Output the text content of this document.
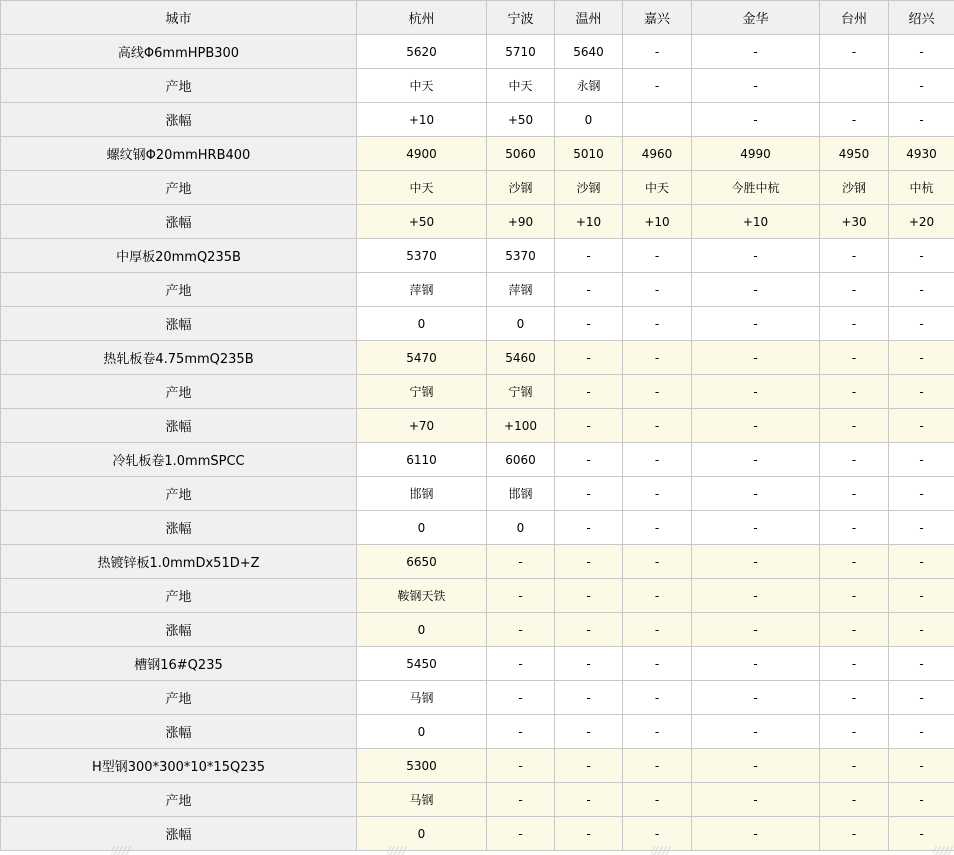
城市	杭州	宁波	温州	嘉兴	金华	台州	绍兴
高线Φ6mmHPB300	5620	5710	5640	-	-	-	-
产地	中天	中天	永钢	-	-		-
涨幅	+10	+50	0		-	-	-
螺纹钢Φ20mmHRB400	4900	5060	5010	4960	4990	4950	4930
产地	中天	沙钢	沙钢	中天	今胜中杭	沙钢	中杭
涨幅	+50	+90	+10	+10	+10	+30	+20
中厚板20mmQ235B	5370	5370	-	-	-	-	-
产地	萍钢	萍钢	-	-	-	-	-
涨幅	0	0	-	-	-	-	-
热轧板卷4.75mmQ235B	5470	5460	-	-	-	-	-
产地	宁钢	宁钢	-	-	-	-	-
涨幅	+70	+100	-	-	-	-	-
冷轧板卷1.0mmSPCC	6110	6060	-	-	-	-	-
产地	邯钢	邯钢	-	-	-	-	-
涨幅	0	0	-	-	-	-	-
热镀锌板1.0mmDx51D+Z	6650	-	-	-	-	-	-
产地	鞍钢天铁	-	-	-	-	-	-
涨幅	0	-	-	-	-	-	-
槽钢16#Q235	5450	-	-	-	-	-	-
产地	马钢	-	-	-	-	-	-
涨幅	0	-	-	-	-	-	-
H型钢300*300*10*15Q235	5300	-	-	-	-	-	-
产地	马钢	-	-	-	-	-	-
涨幅	0	-	-	-	-	-	-
